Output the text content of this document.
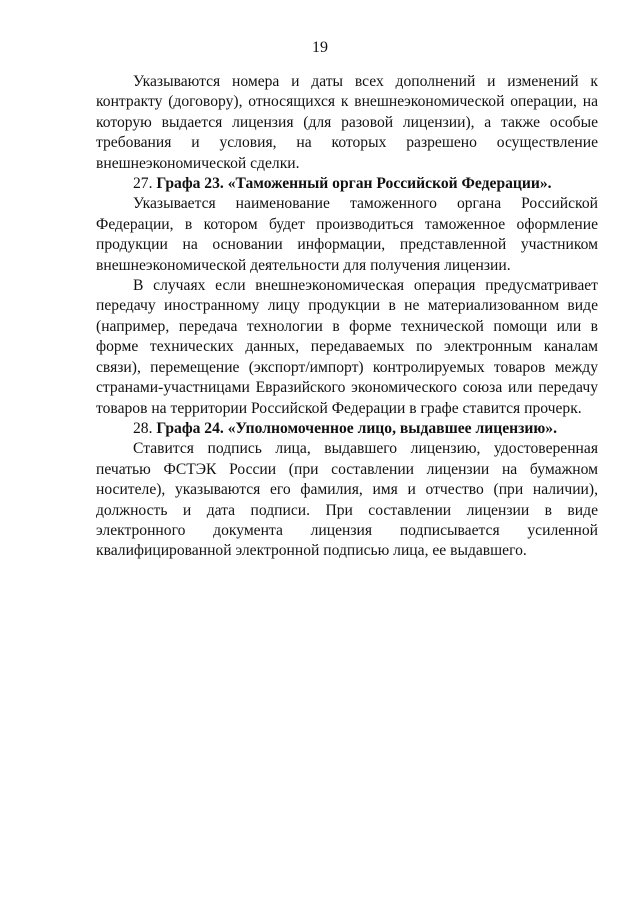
19

Указываются номера и даты всех дополнений и изменений к контракту (договору), относящихся к внешнеэкономической операции, на которую выдается лицензия (для разовой лицензии), а также особые требования и условия, на которых разрешено осуществление внешнеэкономической сделки.

27. Графа 23. «Таможенный орган Российской Федерации».

Указывается наименование таможенного органа Российской Федерации, в котором будет производиться таможенное оформление продукции на основании информации, представленной участником внешнеэкономической деятельности для получения лицензии.

В случаях если внешнеэкономическая операция предусматривает передачу иностранному лицу продукции в не материализованном виде (например, передача технологии в форме технической помощи или в форме технических данных, передаваемых по электронным каналам связи), перемещение (экспорт/импорт) контролируемых товаров между странами-участницами Евразийского экономического союза или передачу товаров на территории Российской Федерации в графе ставится прочерк.

28. Графа 24. «Уполномоченное лицо, выдавшее лицензию».

Ставится подпись лица, выдавшего лицензию, удостоверенная печатью ФСТЭК России (при составлении лицензии на бумажном носителе), указываются его фамилия, имя и отчество (при наличии), должность и дата подписи. При составлении лицензии в виде электронного документа лицензия подписывается усиленной квалифицированной электронной подписью лица, ее выдавшего.
